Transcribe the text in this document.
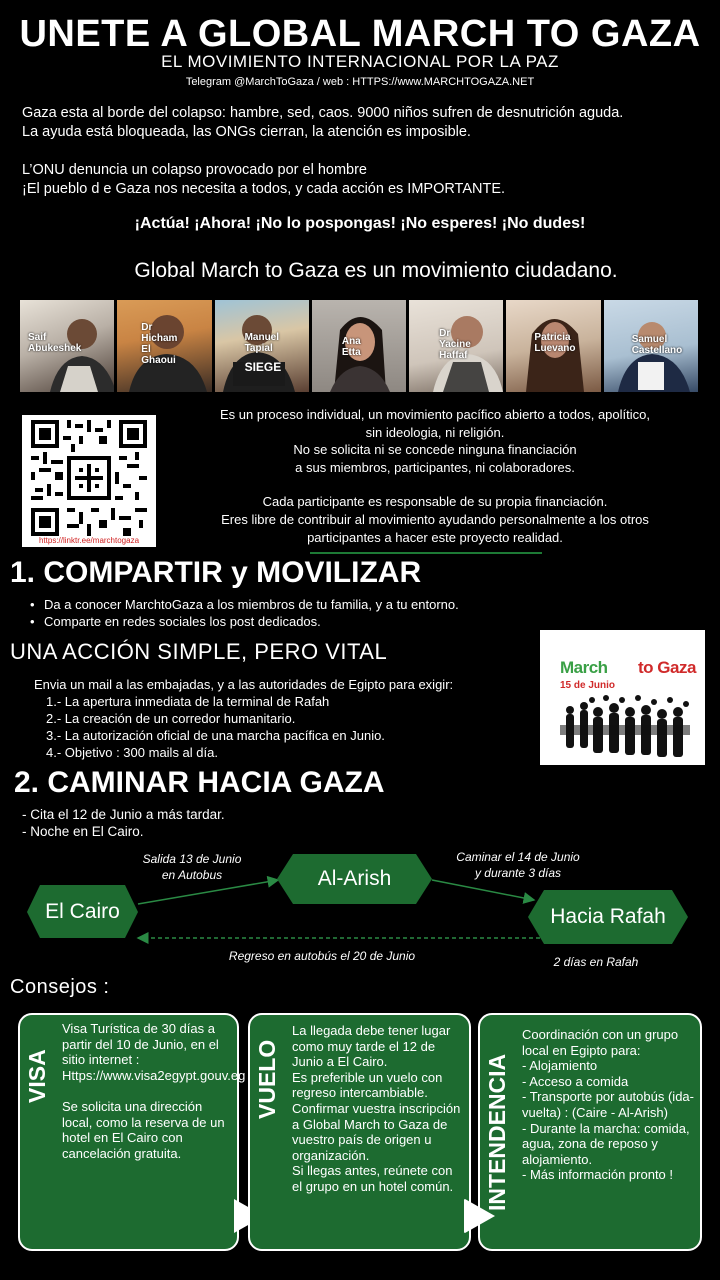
UNETE A GLOBAL MARCH TO GAZA
EL MOVIMIENTO INTERNACIONAL POR LA PAZ
Telegram @MarchToGaza / web : HTTPS://www.MARCHTOGAZA.NET

Gaza esta al borde del colapso: hambre, sed, caos. 9000 niños sufren de desnutrición aguda.

La ayuda está bloqueada, las ONGs cierran, la atención es imposible.

L’ONU denuncia un colapso provocado por el hombre

¡El pueblo d e Gaza nos necesita a todos, y cada acción es IMPORTANTE.

¡Actúa! ¡Ahora! ¡No lo pospongas! ¡No esperes! ¡No dudes!
Global March to Gaza es un movimiento ciudadano.
Saif Abukeshek
Dr Hicham El Ghaoui
Manuel Tapial
SIEGE
Ana Etta
Dr Yacine Haffaf
Patricia Luevano
Samuel Castellano
https://linktr.ee/marchtogaza
Es un proceso individual, un movimiento pacífico abierto a todos, apolítico,
sin ideologia, ni religión.
No se solicita ni se concede ninguna financiación
a sus miembros, participantes, ni colaboradores.
Cada participante es responsable de su propia financiación.
Eres libre de contribuir al movimiento ayudando personalmente a los otros
participantes a hacer este proyecto realidad.
1. COMPARTIR y MOVILIZAR
• Da a conocer MarchtoGaza a los miembros de tu familia, y a tu entorno.
• Comparte en redes sociales los post dedicados.
UNA ACCIÓN SIMPLE, PERO VITAL
Envia un mail a las embajadas, y a las autoridades de Egipto para exigir:
1.- La apertura inmediata de la terminal de Rafah
2.- La creación de un corredor humanitario.
3.- La autorización oficial de una marcha pacífica en Junio.
4.- Objetivo : 300 mails al día.
March to Gaza
15 de Junio
2. CAMINAR HACIA GAZA
- Cita el 12 de Junio a más tardar.
- Noche en El Cairo.
Salida 13 de Junio
en Autobus
Caminar el 14 de Junio
y durante 3 días
El Cairo
Al-Arish
Hacia Rafah
Regreso en autobús el 20 de Junio	2 días en Rafah
Consejos :
VISA
Visa Turística de 30 días a partir del 10 de Junio, en el sitio internet : Https://www.visa2egypt.gouv.eg

Se solicita una dirección local, como la reserva de un hotel en El Cairo con cancelación gratuita.
VUELO
La llegada debe tener lugar como muy tarde el 12 de Junio a El Cairo.
Es preferible un vuelo con regreso intercambiable.
Confirmar vuestra inscripción a Global March to Gaza de vuestro país de origen u organización.
Si llegas antes, reúnete con el grupo en un hotel común.	INTENDENCIA
Coordinación con un grupo local en Egipto para:
- Alojamiento
- Acceso a comida
- Transporte por autobús (ida-vuelta) : (Caire - Al-Arish)
- Durante la marcha: comida, agua, zona de reposo y alojamiento.
- Más información pronto !
